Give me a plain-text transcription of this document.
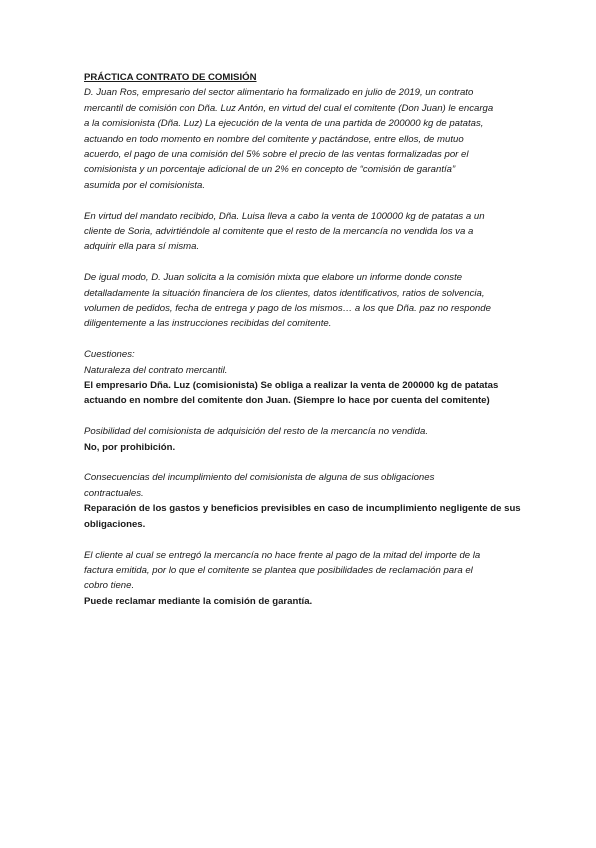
PRÁCTICA CONTRATO DE COMISIÓN

D. Juan Ros, empresario del sector alimentario ha formalizado en julio de 2019, un contrato

mercantil de comisión con Dña. Luz Antón, en virtud del cual el comitente (Don Juan) le encarga

a la comisionista (Dña. Luz) La ejecución de la venta de una partida de 200000 kg de patatas,

actuando en todo momento en nombre del comitente y pactándose, entre ellos, de mutuo

acuerdo, el pago de una comisión del 5% sobre el precio de las ventas formalizadas por el

comisionista y un porcentaje adicional de un 2% en concepto de “comisión de garantía”

asumida por el comisionista.

En virtud del mandato recibido, Dña. Luisa lleva a cabo la venta de 100000 kg de patatas a un

cliente de Soria, advirtiéndole al comitente que el resto de la mercancía no vendida los va a

adquirir ella para sí misma.

De igual modo, D. Juan solicita a la comisión mixta que elabore un informe donde conste

detalladamente la situación financiera de los clientes, datos identificativos, ratios de solvencia,

volumen de pedidos, fecha de entrega y pago de los mismos… a los que Dña. paz no responde

diligentemente a las instrucciones recibidas del comitente.

Cuestiones:

Naturaleza del contrato mercantil.

El empresario Dña. Luz (comisionista) Se obliga a realizar la venta de 200000 kg de patatas

actuando en nombre del comitente don Juan. (Siempre lo hace por cuenta del comitente)

Posibilidad del comisionista de adquisición del resto de la mercancía no vendida.

No, por prohibición.

Consecuencias del incumplimiento del comisionista de alguna de sus obligaciones

contractuales.

Reparación de los gastos y beneficios previsibles en caso de incumplimiento negligente de sus

obligaciones.

El cliente al cual se entregó la mercancía no hace frente al pago de la mitad del importe de la

factura emitida, por lo que el comitente se plantea que posibilidades de reclamación para el

cobro tiene.

Puede reclamar mediante la comisión de garantía.
